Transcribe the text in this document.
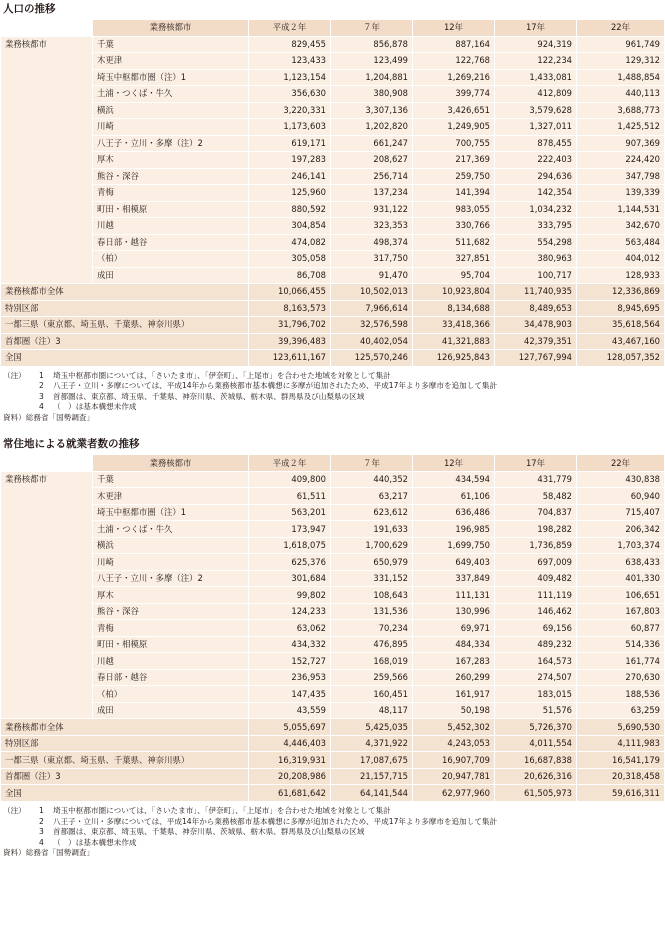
人口の推移
	業務核都市	平成２年	７年	12年	17年	22年
業務核都市	千葉	829,455	856,878	887,164	924,319	961,749
	木更津	123,433	123,499	122,768	122,234	129,312
	埼玉中枢都市圏（注）1	1,123,154	1,204,881	1,269,216	1,433,081	1,488,854
	土浦・つくば・牛久	356,630	380,908	399,774	412,809	440,113
	横浜	3,220,331	3,307,136	3,426,651	3,579,628	3,688,773
	川崎	1,173,603	1,202,820	1,249,905	1,327,011	1,425,512
	八王子・立川・多摩（注）2	619,171	661,247	700,755	878,455	907,369
	厚木	197,283	208,627	217,369	222,403	224,420
	熊谷・深谷	246,141	256,714	259,750	294,636	347,798
	青梅	125,960	137,234	141,394	142,354	139,339
	町田・相模原	880,592	931,122	983,055	1,034,232	1,144,531
	川越	304,854	323,353	330,766	333,795	342,670
	春日部・越谷	474,082	498,374	511,682	554,298	563,484
	（柏）	305,058	317,750	327,851	380,963	404,012
	成田	86,708	91,470	95,704	100,717	128,933
業務核都市全体		10,066,455	10,502,013	10,923,804	11,740,935	12,336,869
特別区部		8,163,573	7,966,614	8,134,688	8,489,653	8,945,695
一都三県（東京都、埼玉県、千葉県、神奈川県）		31,796,702	32,576,598	33,418,366	34,478,903	35,618,564
首都圏（注）3		39,396,483	40,402,054	41,321,883	42,379,351	43,467,160
全国		123,611,167	125,570,246	126,925,843	127,767,994	128,057,352
（注）	1	埼玉中枢都市圏については、「さいたま市」、「伊奈町」、「上尾市」を合わせた地域を対象として集計
2	八王子・立川・多摩については、平成14年から業務核都市基本構想に多摩が追加されたため、平成17年より多摩市を追加して集計
3	首都圏は、東京都、埼玉県、千葉県、神奈川県、茨城県、栃木県、群馬県及び山梨県の区域
4	（　）は基本構想未作成
資料）総務省「国勢調査」
常住地による就業者数の推移
	業務核都市	平成２年	７年	12年	17年	22年
業務核都市	千葉	409,800	440,352	434,594	431,779	430,838
	木更津	61,511	63,217	61,106	58,482	60,940
	埼玉中枢都市圏（注）1	563,201	623,612	636,486	704,837	715,407
	土浦・つくば・牛久	173,947	191,633	196,985	198,282	206,342
	横浜	1,618,075	1,700,629	1,699,750	1,736,859	1,703,374
	川崎	625,376	650,979	649,403	697,009	638,433
	八王子・立川・多摩（注）2	301,684	331,152	337,849	409,482	401,330
	厚木	99,802	108,643	111,131	111,119	106,651
	熊谷・深谷	124,233	131,536	130,996	146,462	167,803
	青梅	63,062	70,234	69,971	69,156	60,877
	町田・相模原	434,332	476,895	484,334	489,232	514,336
	川越	152,727	168,019	167,283	164,573	161,774
	春日部・越谷	236,953	259,566	260,299	274,507	270,630
	（柏）	147,435	160,451	161,917	183,015	188,536
	成田	43,559	48,117	50,198	51,576	63,259
業務核都市全体		5,055,697	5,425,035	5,452,302	5,726,370	5,690,530
特別区部		4,446,403	4,371,922	4,243,053	4,011,554	4,111,983
一都三県（東京都、埼玉県、千葉県、神奈川県）		16,319,931	17,087,675	16,907,709	16,687,838	16,541,179
首都圏（注）3		20,208,986	21,157,715	20,947,781	20,626,316	20,318,458
全国		61,681,642	64,141,544	62,977,960	61,505,973	59,616,311
（注）	1	埼玉中枢都市圏については、「さいたま市」、「伊奈町」、「上尾市」を合わせた地域を対象として集計
2	八王子・立川・多摩については、平成14年から業務核都市基本構想に多摩が追加されたため、平成17年より多摩市を追加して集計
3	首都圏は、東京都、埼玉県、千葉県、神奈川県、茨城県、栃木県、群馬県及び山梨県の区域
4	（　）は基本構想未作成
資料）総務省「国勢調査」
